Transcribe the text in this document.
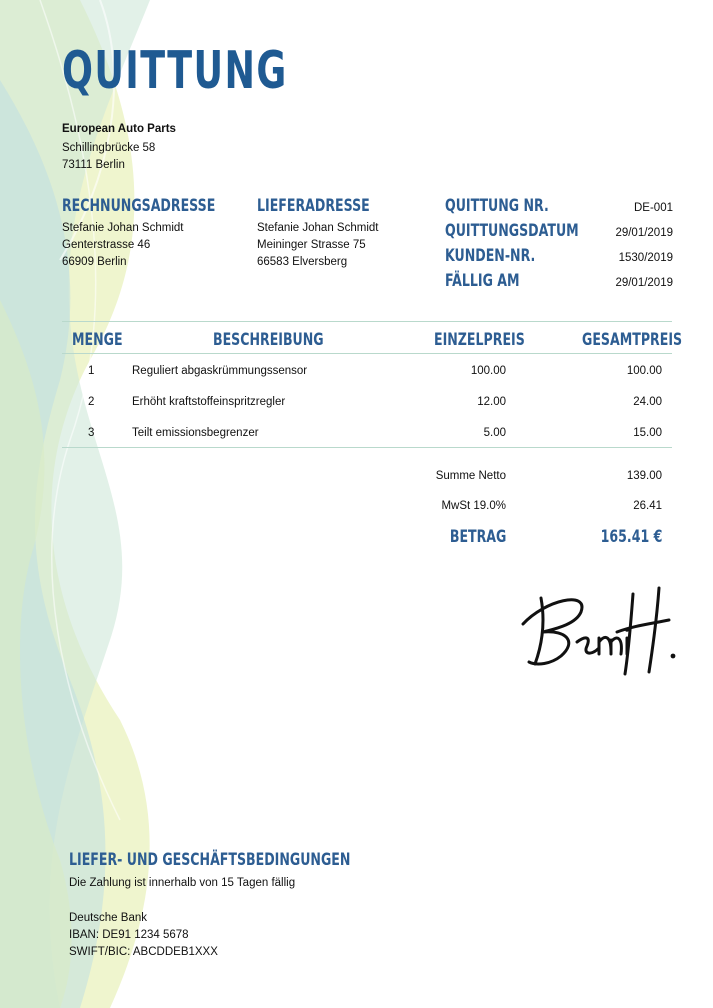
QUITTUNG
European Auto Parts
Schillingbrücke 58
73111 Berlin
RECHNUNGSADRESSE
Stefanie Johan Schmidt
Genterstrasse 46
66909 Berlin
LIEFERADRESSE
Stefanie Johan Schmidt
Meininger Strasse 75
66583 Elversberg
QUITTUNG NR.	DE-001
QUITTUNGSDATUM	29/01/2019
KUNDEN-NR.	1530/2019
FÄLLIG AM	29/01/2019
MENGE	BESCHREIBUNG	EINZELPREIS	GESAMTPREIS
1	Reguliert abgaskrümmungssensor	100.00	100.00
2	Erhöht kraftstoffeinspritzregler	12.00	24.00
3	Teilt emissionsbegrenzer	5.00	15.00
Summe Netto	139.00
MwSt 19.0%	26.41
BETRAG	165.41 €
LIEFER- UND GESCHÄFTSBEDINGUNGEN
Die Zahlung ist innerhalb von 15 Tagen fällig
Deutsche Bank
IBAN: DE91 1234 5678
SWIFT/BIC: ABCDDEB1XXX
